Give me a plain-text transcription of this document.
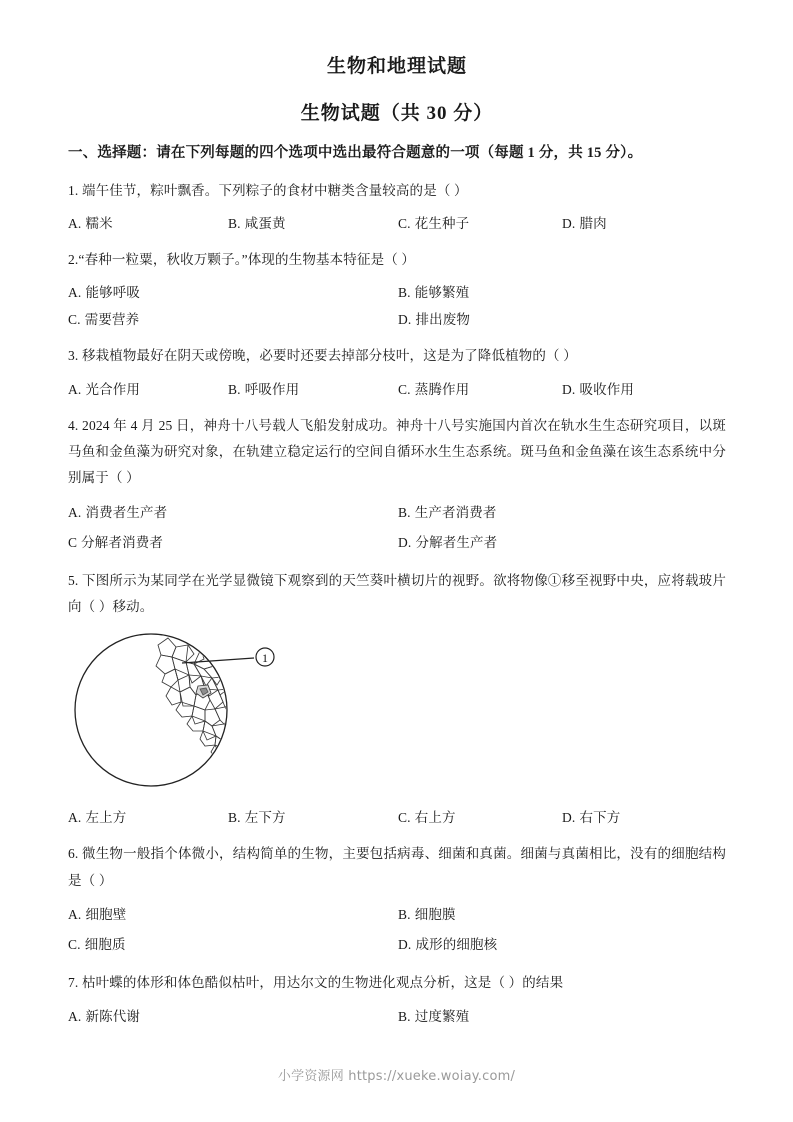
生物和地理试题
生物试题（共 30 分）
一、选择题：请在下列每题的四个选项中选出最符合题意的一项（每题 1 分，共 15 分）。

1. 端午佳节，粽叶飘香。下列粽子的食材中糖类含量较高的是（ ）

A. 糯米	B. 咸蛋黄	C. 花生种子	D. 腊肉

2.“春种一粒粟，秋收万颗子。”体现的生物基本特征是（ ）

A. 能够呼吸	B. 能够繁殖
C. 需要营养	D. 排出废物

3. 移栽植物最好在阴天或傍晚，必要时还要去掉部分枝叶，这是为了降低植物的（ ）

A. 光合作用	B. 呼吸作用	C. 蒸腾作用	D. 吸收作用

4. 2024 年 4 月 25 日，神舟十八号载人飞船发射成功。神舟十八号实施国内首次在轨水生生态研究项目，以斑马鱼和金鱼藻为研究对象，在轨建立稳定运行的空间自循环水生生态系统。斑马鱼和金鱼藻在该生态系统中分别属于（ ）

A. 消费者生产者	B. 生产者消费者
C 分解者消费者	D. 分解者生产者

5. 下图所示为某同学在光学显微镜下观察到的天竺葵叶横切片的视野。欲将物像①移至视野中央，应将载玻片向（ ）移动。

1
A. 左上方	B. 左下方	C. 右上方	D. 右下方

6. 微生物一般指个体微小，结构简单的生物，主要包括病毒、细菌和真菌。细菌与真菌相比，没有的细胞结构是（ ）

A. 细胞壁	B. 细胞膜
C. 细胞质	D. 成形的细胞核

7. 枯叶蝶的体形和体色酷似枯叶，用达尔文的生物进化观点分析，这是（ ）的结果

A. 新陈代谢	B. 过度繁殖
小学资源网 https://xueke.woiay.com/
